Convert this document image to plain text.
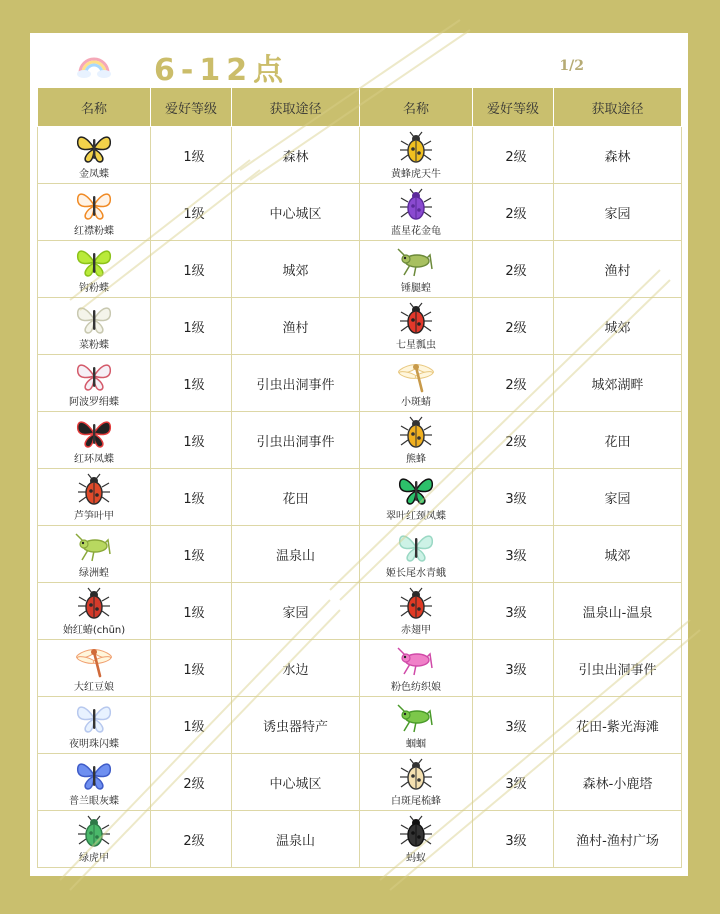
6-12点	1/2
名称	爱好等级	获取途径	名称	爱好等级	获取途径

金凤蝶	1级	森林	黄蜂虎天牛	2级	森林

红襟粉蝶	1级	中心城区	蓝星花金龟	2级	家园

钩粉蝶	1级	城郊	锤腿蝗	2级	渔村

菜粉蝶	1级	渔村	七星瓢虫	2级	城郊

阿波罗绢蝶	1级	引虫出洞事件	小斑蜻	2级	城郊湖畔

红环凤蝶	1级	引虫出洞事件	熊蜂	2级	花田

芦笋叶甲	1级	花田	翠叶红颈凤蝶	3级	家园

绿洲蝗	1级	温泉山	姬长尾水青蛾	3级	城郊

始红蝽(chūn)	1级	家园	赤翅甲	3级	温泉山-温泉

大红豆娘	1级	水边	粉色纺织娘	3级	引虫出洞事件

夜明珠闪蝶	1级	诱虫器特产	蝈蝈	3级	花田-紫光海滩

普兰眼灰蝶	2级	中心城区	白斑尾梳蜂	3级	森林-小鹿塔

绿虎甲	2级	温泉山	蚂蚁	3级	渔村-渔村广场
